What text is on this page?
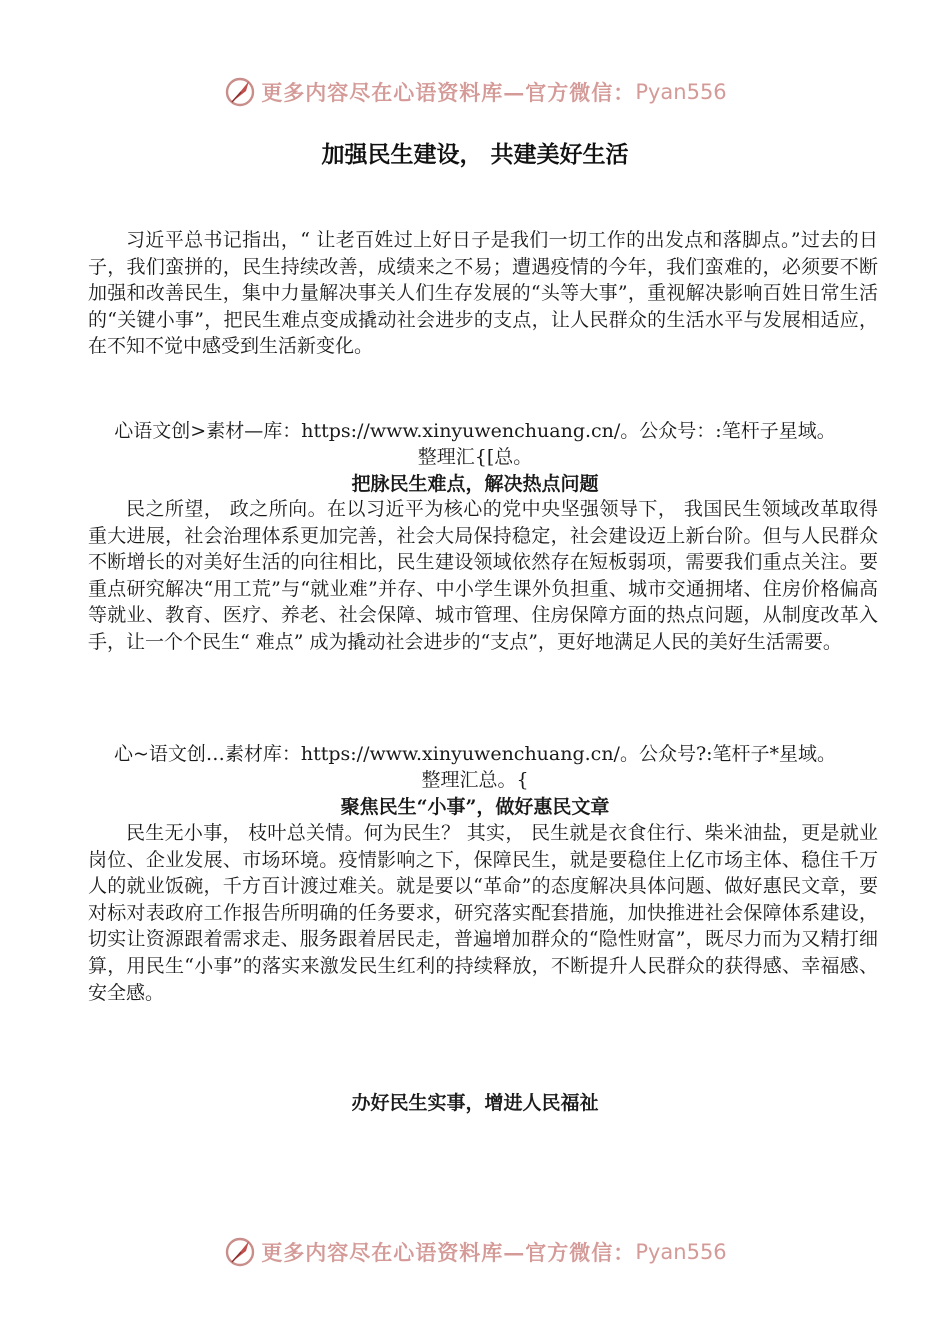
更多内容尽在心语资料库—官方微信： Pyan556
加强民生建设， 共建美好生活

习近平总书记指出，“ 让老百姓过上好日子是我们一切工作的出发点和落脚点。”过去的日子，我们蛮拼的，民生持续改善，成绩来之不易；遭遇疫情的今年，我们蛮难的，必须要不断加强和改善民生，集中力量解决事关人们生存发展的“头等大事”，重视解决影响百姓日常生活的“关键小事”，把民生难点变成撬动社会进步的支点，让人民群众的生活水平与发展相适应，在不知不觉中感受到生活新变化。

心语文创>素材—库：https://www.xinyuwenchuang.cn/。公众号：:笔杆子星域。

整理汇{[总。

把脉民生难点，解决热点问题

民之所望， 政之所向。在以习近平为核心的党中央坚强领导下， 我国民生领域改革取得重大进展，社会治理体系更加完善，社会大局保持稳定，社会建设迈上新台阶。但与人民群众不断增长的对美好生活的向往相比，民生建设领域依然存在短板弱项，需要我们重点关注。要重点研究解决“用工荒”与“就业难”并存、中小学生课外负担重、城市交通拥堵、住房价格偏高等就业、教育、医疗、养老、社会保障、城市管理、住房保障方面的热点问题，从制度改革入手，让一个个民生“ 难点” 成为撬动社会进步的“支点”，更好地满足人民的美好生活需要。

心~语文创…素材库：https://www.xinyuwenchuang.cn/。公众号?:笔杆子*星域。

整理汇总。{

聚焦民生“小事”，做好惠民文章

民生无小事， 枝叶总关情。何为民生？ 其实， 民生就是衣食住行、柴米油盐，更是就业岗位、企业发展、市场环境。疫情影响之下，保障民生，就是要稳住上亿市场主体、稳住千万人的就业饭碗，千方百计渡过难关。就是要以“革命”的态度解决具体问题、做好惠民文章，要对标对表政府工作报告所明确的任务要求，研究落实配套措施，加快推进社会保障体系建设，切实让资源跟着需求走、服务跟着居民走，普遍增加群众的“隐性财富”，既尽力而为又精打细算，用民生“小事”的落实来激发民生红利的持续释放，不断提升人民群众的获得感、幸福感、安全感。

办好民生实事，增进人民福祉

更多内容尽在心语资料库—官方微信： Pyan556
